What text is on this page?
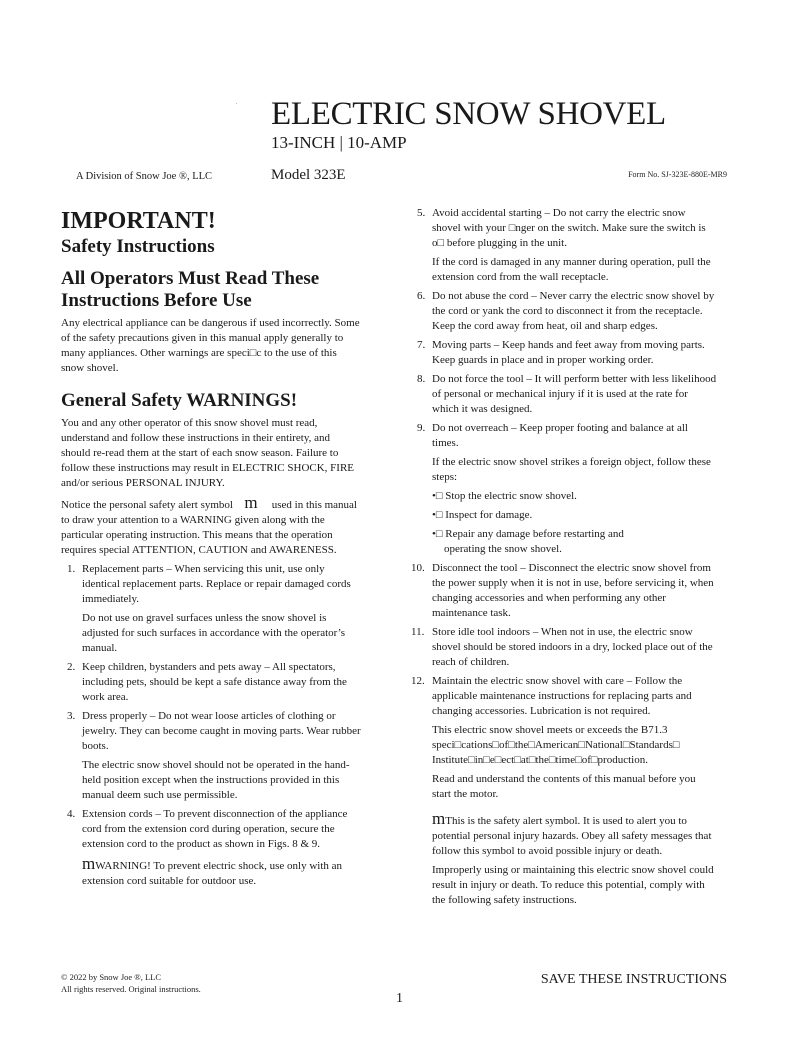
. ELECTRIC SNOW SHOVEL
13-INCH | 10-AMP
A Division of Snow Joe ®, LLC	Model 323E	Form No. SJ-323E-880E-MR9
IMPORTANT!
Safety Instructions
All Operators Must Read These Instructions Before Use

Any electrical appliance can be dangerous if used incorrectly. Some of the safety precautions given in this manual apply generally to many appliances. Other warnings are speci□c to the use of this snow shovel.

General Safety WARNINGS!

You and any other operator of this snow shovel must read, understand and follow these instructions in their entirety, and should re-read them at the start of each snow season. Failure to follow these instructions may result in ELECTRIC SHOCK, FIRE and/or serious PERSONAL INJURY.

Notice the personal safety alert symbol m used in this manual to draw your attention to a WARNING given along with the particular operating instruction. This means that the operation requires special ATTENTION, CAUTION and AWARENESS.

1. Replacement parts – When servicing this unit, use only identical replacement parts. Replace or repair damaged cords immediately.

Do not use on gravel surfaces unless the snow shovel is adjusted for such surfaces in accordance with the operator’s manual.

2. Keep children, bystanders and pets away – All spectators, including pets, should be kept a safe distance away from the work area.

3. Dress properly – Do not wear loose articles of clothing or jewelry. They can become caught in moving parts. Wear rubber boots.

The electric snow shovel should not be operated in the hand-held position except when the instructions provided in this manual deem such use permissible.

4. Extension cords – To prevent disconnection of the appliance cord from the extension cord during operation, secure the extension cord to the product as shown in Figs. 8 & 9.

mWARNING! To prevent electric shock, use only with an extension cord suitable for outdoor use.

5. Avoid accidental starting – Do not carry the electric snow shovel with your □nger on the switch. Make sure the switch is o□ before plugging in the unit.

If the cord is damaged in any manner during operation, pull the extension cord from the wall receptacle.

6. Do not abuse the cord – Never carry the electric snow shovel by the cord or yank the cord to disconnect it from the receptacle. Keep the cord away from heat, oil and sharp edges.

7. Moving parts – Keep hands and feet away from moving parts. Keep guards in place and in proper working order.

8. Do not force the tool – It will perform better with less likelihood of personal or mechanical injury if it is used at the rate for which it was designed.

9. Do not overreach – Keep proper footing and balance at all times.

If the electric snow shovel strikes a foreign object, follow these steps:

•□ Stop the electric snow shovel.

•□ Inspect for damage.

•□ Repair any damage before restarting and

operating the snow shovel.

10. Disconnect the tool – Disconnect the electric snow shovel from the power supply when it is not in use, before servicing it, when changing accessories and when performing any other maintenance task.

11. Store idle tool indoors – When not in use, the electric snow shovel should be stored indoors in a dry, locked place out of the reach of children.

12. Maintain the electric snow shovel with care – Follow the applicable maintenance instructions for replacing parts and changing accessories. Lubrication is not required.

This electric snow shovel meets or exceeds the B71.3 speci□cations□of□the□American□National□Standards□ Institute□in□e□ect□at□the□time□of□production.

Read and understand the contents of this manual before you start the motor.

mThis is the safety alert symbol. It is used to alert you to potential personal injury hazards. Obey all safety messages that follow this symbol to avoid possible injury or death.

Improperly using or maintaining this electric snow shovel could result in injury or death. To reduce this potential, comply with the following safety instructions.

© 2022 by Snow Joe ®, LLC
All rights reserved. Original instructions.
SAVE THESE INSTRUCTIONS
1
